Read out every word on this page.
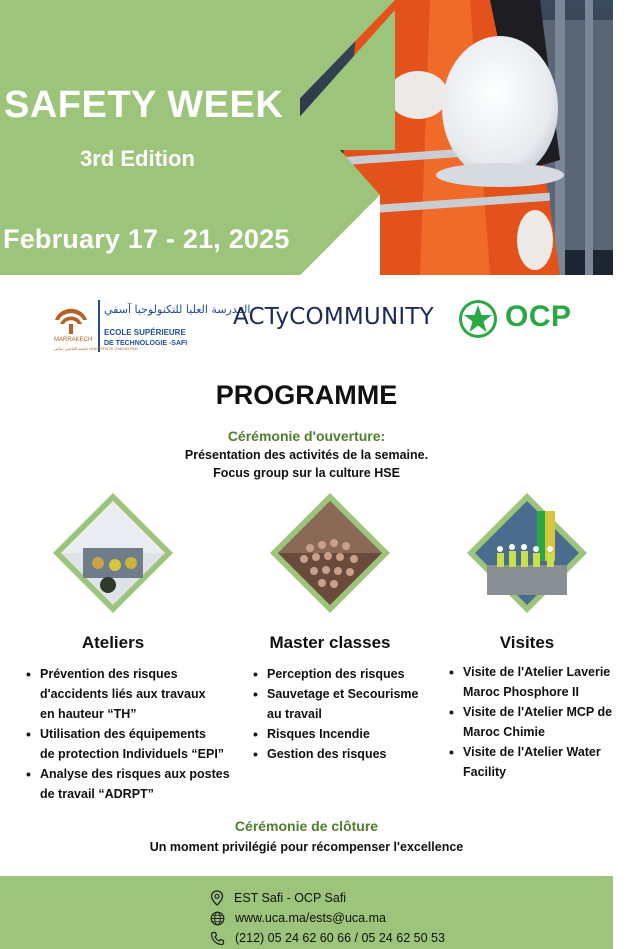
SAFETY WEEK
3rd Edition
February 17 - 21, 2025
المدرسة العليا للتكنولوجيا آسفي
ECOLE SUPÉRIEURE
DE TECHNOLOGIE -SAFI
MARRAKECH
جامعة القاضي عياض UNIVERSITÉ CADI AYYAD
ACTyCOMMUNITY OCP
PROGRAMME
Cérémonie d'ouverture:
Présentation des activités de la semaine.
Focus group sur la culture HSE
Ateliers	Master classes	Visites
• Prévention des risques
d'accidents liés aux travaux
en hauteur “TH”
• Utilisation des équipements
de protection Individuels “EPI”
• Analyse des risques aux postes
de travail “ADRPT”
• Perception des risques
• Sauvetage et Secourisme
au travail
• Risques Incendie
• Gestion des risques
• Visite de l'Atelier Laverie
Maroc Phosphore II
• Visite de l'Atelier MCP de
Maroc Chimie
• Visite de l'Atelier Water
Facility
Cérémonie de clôture
Un moment privilégié pour récompenser l'excellence
EST Safi - OCP Safi
www.uca.ma/ests@uca.ma
(212) 05 24 62 60 66 / 05 24 62 50 53
